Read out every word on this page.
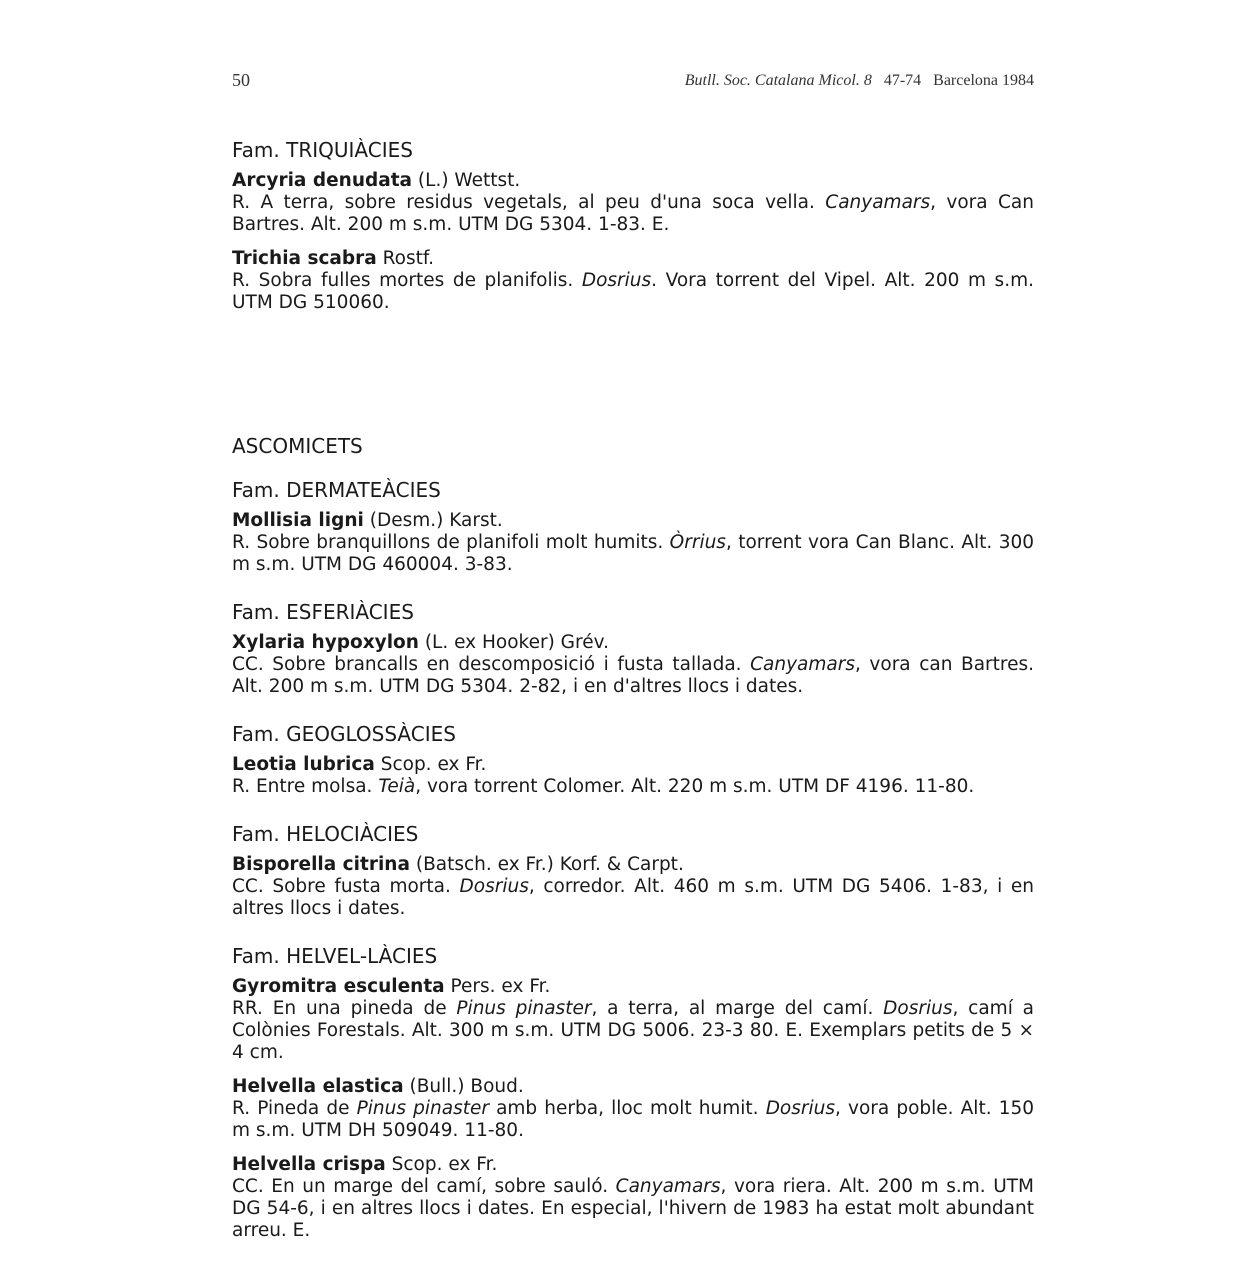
50	Butll. Soc. Catalana Micol. 8 47-74 Barcelona 1984
Fam. TRIQUIÀCIES
Arcyria denudata (L.) Wettst.
R. A terra, sobre residus vegetals, al peu d'una soca vella. Canyamars, vora Can Bartres. Alt. 200 m s.m. UTM DG 5304. 1-83. E.
Trichia scabra Rostf.
R. Sobra fulles mortes de planifolis. Dosrius. Vora torrent del Vipel. Alt. 200 m s.m. UTM DG 510060.
ASCOMICETS
Fam. DERMATEÀCIES
Mollisia ligni (Desm.) Karst.
R. Sobre branquillons de planifoli molt humits. Òrrius, torrent vora Can Blanc. Alt. 300 m s.m. UTM DG 460004. 3-83.
Fam. ESFERIÀCIES
Xylaria hypoxylon (L. ex Hooker) Grév.
CC. Sobre brancalls en descomposició i fusta tallada. Canyamars, vora can Bartres. Alt. 200 m s.m. UTM DG 5304. 2-82, i en d'altres llocs i dates.
Fam. GEOGLOSSÀCIES
Leotia lubrica Scop. ex Fr.
R. Entre molsa. Teià, vora torrent Colomer. Alt. 220 m s.m. UTM DF 4196. 11-80.
Fam. HELOCIÀCIES
Bisporella citrina (Batsch. ex Fr.) Korf. & Carpt.
CC. Sobre fusta morta. Dosrius, corredor. Alt. 460 m s.m. UTM DG 5406. 1-83, i en altres llocs i dates.
Fam. HELVEL-LÀCIES
Gyromitra esculenta Pers. ex Fr.
RR. En una pineda de Pinus pinaster, a terra, al marge del camí. Dosrius, camí a Colònies Forestals. Alt. 300 m s.m. UTM DG 5006. 23-3 80. E. Exemplars petits de 5 × 4 cm.
Helvella elastica (Bull.) Boud.
R. Pineda de Pinus pinaster amb herba, lloc molt humit. Dosrius, vora poble. Alt. 150 m s.m. UTM DH 509049. 11-80.
Helvella crispa Scop. ex Fr.
CC. En un marge del camí, sobre sauló. Canyamars, vora riera. Alt. 200 m s.m. UTM DG 54-6, i en altres llocs i dates. En especial, l'hivern de 1983 ha estat molt abundant arreu. E.
